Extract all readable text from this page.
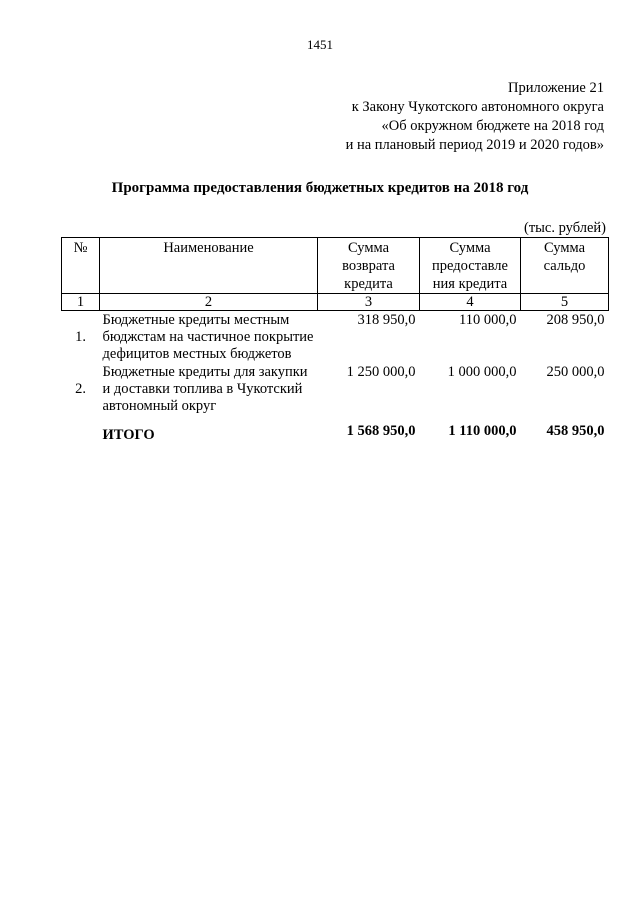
1451
Приложение 21
к Закону Чукотского автономного округа
«Об окружном бюджете на 2018 год
и на плановый период 2019 и 2020 годов»
Программа предоставления бюджетных кредитов на 2018 год
(тыс. рублей)
№	Наименование	Сумма возврата кредита	Сумма предоставле ния кредита	Сумма сальдо
1	2	3	4	5
1.	Бюджетные кредиты местным бюджстам на частичное покрытие дефицитов местных бюджетов	318 950,0	110 000,0	208 950,0
2.	Бюджетные кредиты для закупки и доставки топлива в Чукотский автономный округ	1 250 000,0	1 000 000,0	250 000,0
	ИТОГО	1 568 950,0	1 110 000,0	458 950,0
